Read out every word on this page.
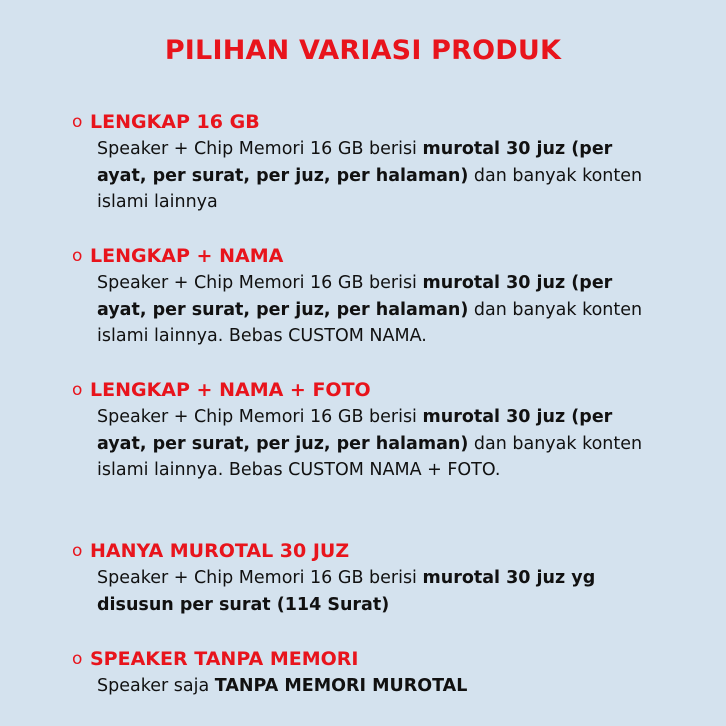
PILIHAN VARIASI PRODUK
o LENGKAP 16 GB
Speaker + Chip Memori 16 GB berisi murotal 30 juz (per ayat, per surat, per juz, per halaman) dan banyak konten islami lainnya
o LENGKAP + NAMA
Speaker + Chip Memori 16 GB berisi murotal 30 juz (per ayat, per surat, per juz, per halaman) dan banyak konten islami lainnya. Bebas CUSTOM NAMA.
o LENGKAP + NAMA + FOTO
Speaker + Chip Memori 16 GB berisi murotal 30 juz (per ayat, per surat, per juz, per halaman) dan banyak konten islami lainnya. Bebas CUSTOM NAMA + FOTO.
o HANYA MUROTAL 30 JUZ
Speaker + Chip Memori 16 GB berisi murotal 30 juz yg disusun per surat (114 Surat)
o SPEAKER TANPA MEMORI
Speaker saja TANPA MEMORI MUROTAL
